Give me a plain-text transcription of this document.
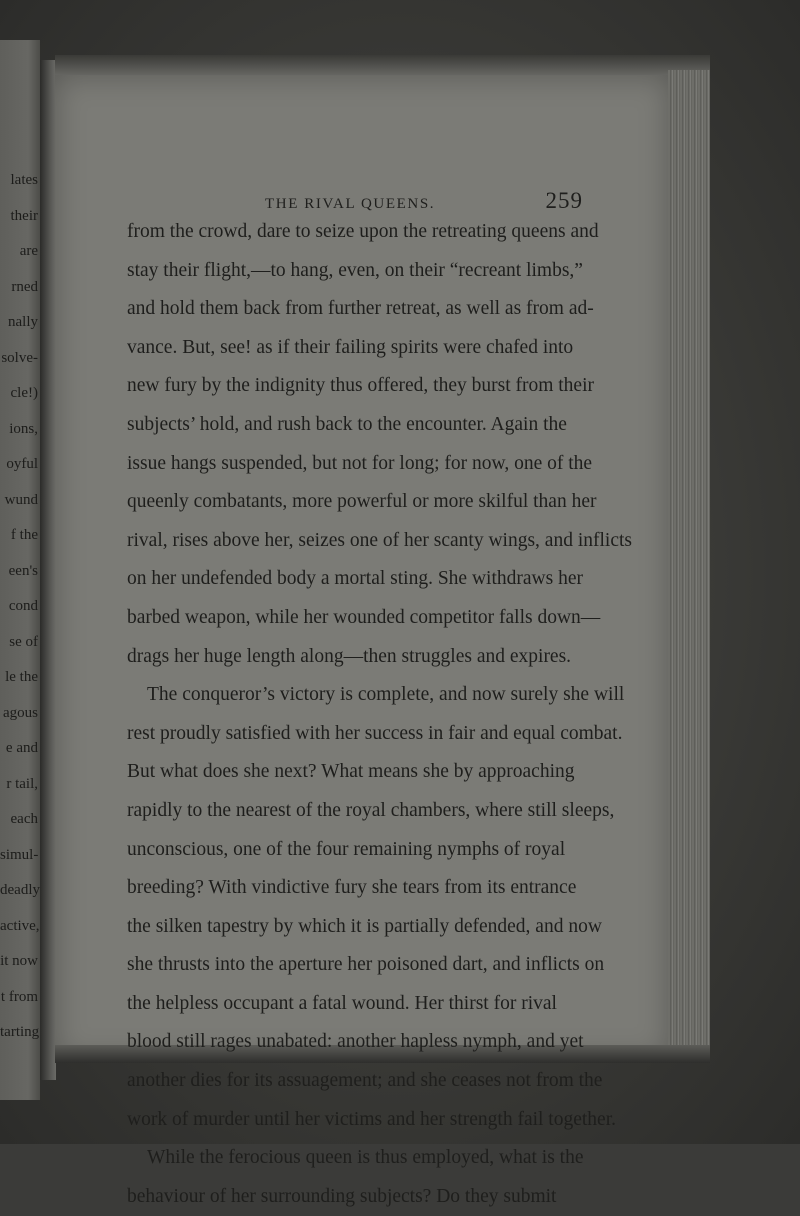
lates
their
are
rned
nally
solve-
cle!)
ions,
oyful
wund
f the
een's
cond
se of
le the
agous
e and
r tail,
each
simul-
deadly
active,
it now
t from
tarting
THE RIVAL QUEENS.	259
from the crowd, dare to seize upon the retreating queens and
stay their flight,—to hang, even, on their “recreant limbs,”
and hold them back from further retreat, as well as from ad-
vance. But, see! as if their failing spirits were chafed into
new fury by the indignity thus offered, they burst from their
subjects’ hold, and rush back to the encounter. Again the
issue hangs suspended, but not for long; for now, one of the
queenly combatants, more powerful or more skilful than her
rival, rises above her, seizes one of her scanty wings, and inflicts
on her undefended body a mortal sting. She withdraws her
barbed weapon, while her wounded competitor falls down—
drags her huge length along—then struggles and expires.
The conqueror’s victory is complete, and now surely she will
rest proudly satisfied with her success in fair and equal combat.
But what does she next? What means she by approaching
rapidly to the nearest of the royal chambers, where still sleeps,
unconscious, one of the four remaining nymphs of royal
breeding? With vindictive fury she tears from its entrance
the silken tapestry by which it is partially defended, and now
she thrusts into the aperture her poisoned dart, and inflicts on
the helpless occupant a fatal wound. Her thirst for rival
blood still rages unabated: another hapless nymph, and yet
another dies for its assuagement; and she ceases not from the
work of murder until her victims and her strength fail together.
While the ferocious queen is thus employed, what is the
behaviour of her surrounding subjects? Do they submit
